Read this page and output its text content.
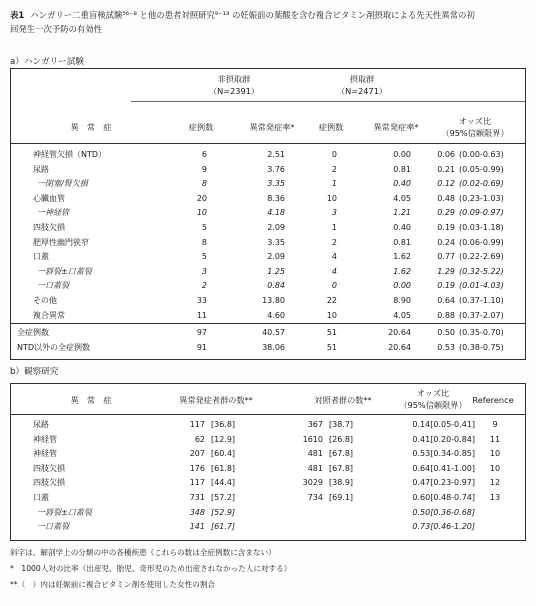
表1 ハンガリー二重盲検試験⁵⁶⁻⁸ と他の患者対照研究⁹⁻¹³ の妊娠前の葉酸を含む複合ビタミン剤摂取による先天性異常の初
回発生一次予防の有効性
a）ハンガリー試験
非摂取群
（N=2391）
摂取群
（N=2471）
異　常　症	症例数	異常発症率*	症例数	異常発症率*
オッズ比
（95%信頼限界）
神経管欠損（NTD）	6	2.51	0	0.00	0.06 (0.00-0.63)
尿路	9	3.76	2	0.81	0.21 (0.05-0.99)
一閉塞/腎欠損	8	3.35	1	0.40	0.12 (0.02-0.69)
心臓血管	20	8.36	10	4.05	0.48 (0.23-1.03)
一神経管	10	4.18	3	1.21	0.29 (0.09-0.97)
四肢欠損	5	2.09	1	0.40	0.19 (0.03-1.18)
肥厚性幽門狭窄	8	3.35	2	0.81	0.24 (0.06-0.99)
口蓋	5	2.09	4	1.62	0.77 (0.22-2.69)
一唇裂±口蓋裂	3	1.25	4	1.62	1.29 (0.32-5.22)
一口蓋裂	2	0.84	0	0.00	0.19 (0.01-4.03)
その他	33	13.80	22	8.90	0.64 (0.37-1.10)
複合異常	11	4.60	10	4.05	0.88 (0.37-2.07)
全症例数	97	40.57	51	20.64	0.50 (0.35-0.70)
NTD以外の全症例数	91	38.06	51	20.64	0.53 (0.38-0.75)
b）観察研究
異　常　症	異常発症者群の数**	対照者群の数**
オッズ比
（95%信頼限界） Reference
尿路	117 [36.8]	367 [38.7]	0.14[0.05-0.41]	9
神経管	62 [12.9]	1610 [26.8]	0.41[0.20-0.84]	11
神経管	207 [60.4]	481 [67.8]	0.53[0.34-0.85]	10
四肢欠損	176 [61.8]	481 [67.8]	0.64[0.41-1.00]	10
四肢欠損	117 [44.4]	3029 [38.9]	0.47[0.23-0.97]	12
口蓋	731 [57.2]	734 [69.1]	0.60[0.48-0.74]	13
一唇裂±口蓋裂	348 [52.9]	0.50[0.36-0.68]
一口蓋裂	141 [61.7]	0.73[0.46-1.20]
斜字は、解剖学上の分類の中の各種疾患（これらの数は全症例数に含まない）
*　1000人対の比率（出産児、胎児、奇形児のため出産されなかった人に対する）
**（　）内は妊娠前に複合ビタミン剤を使用した女性の割合
